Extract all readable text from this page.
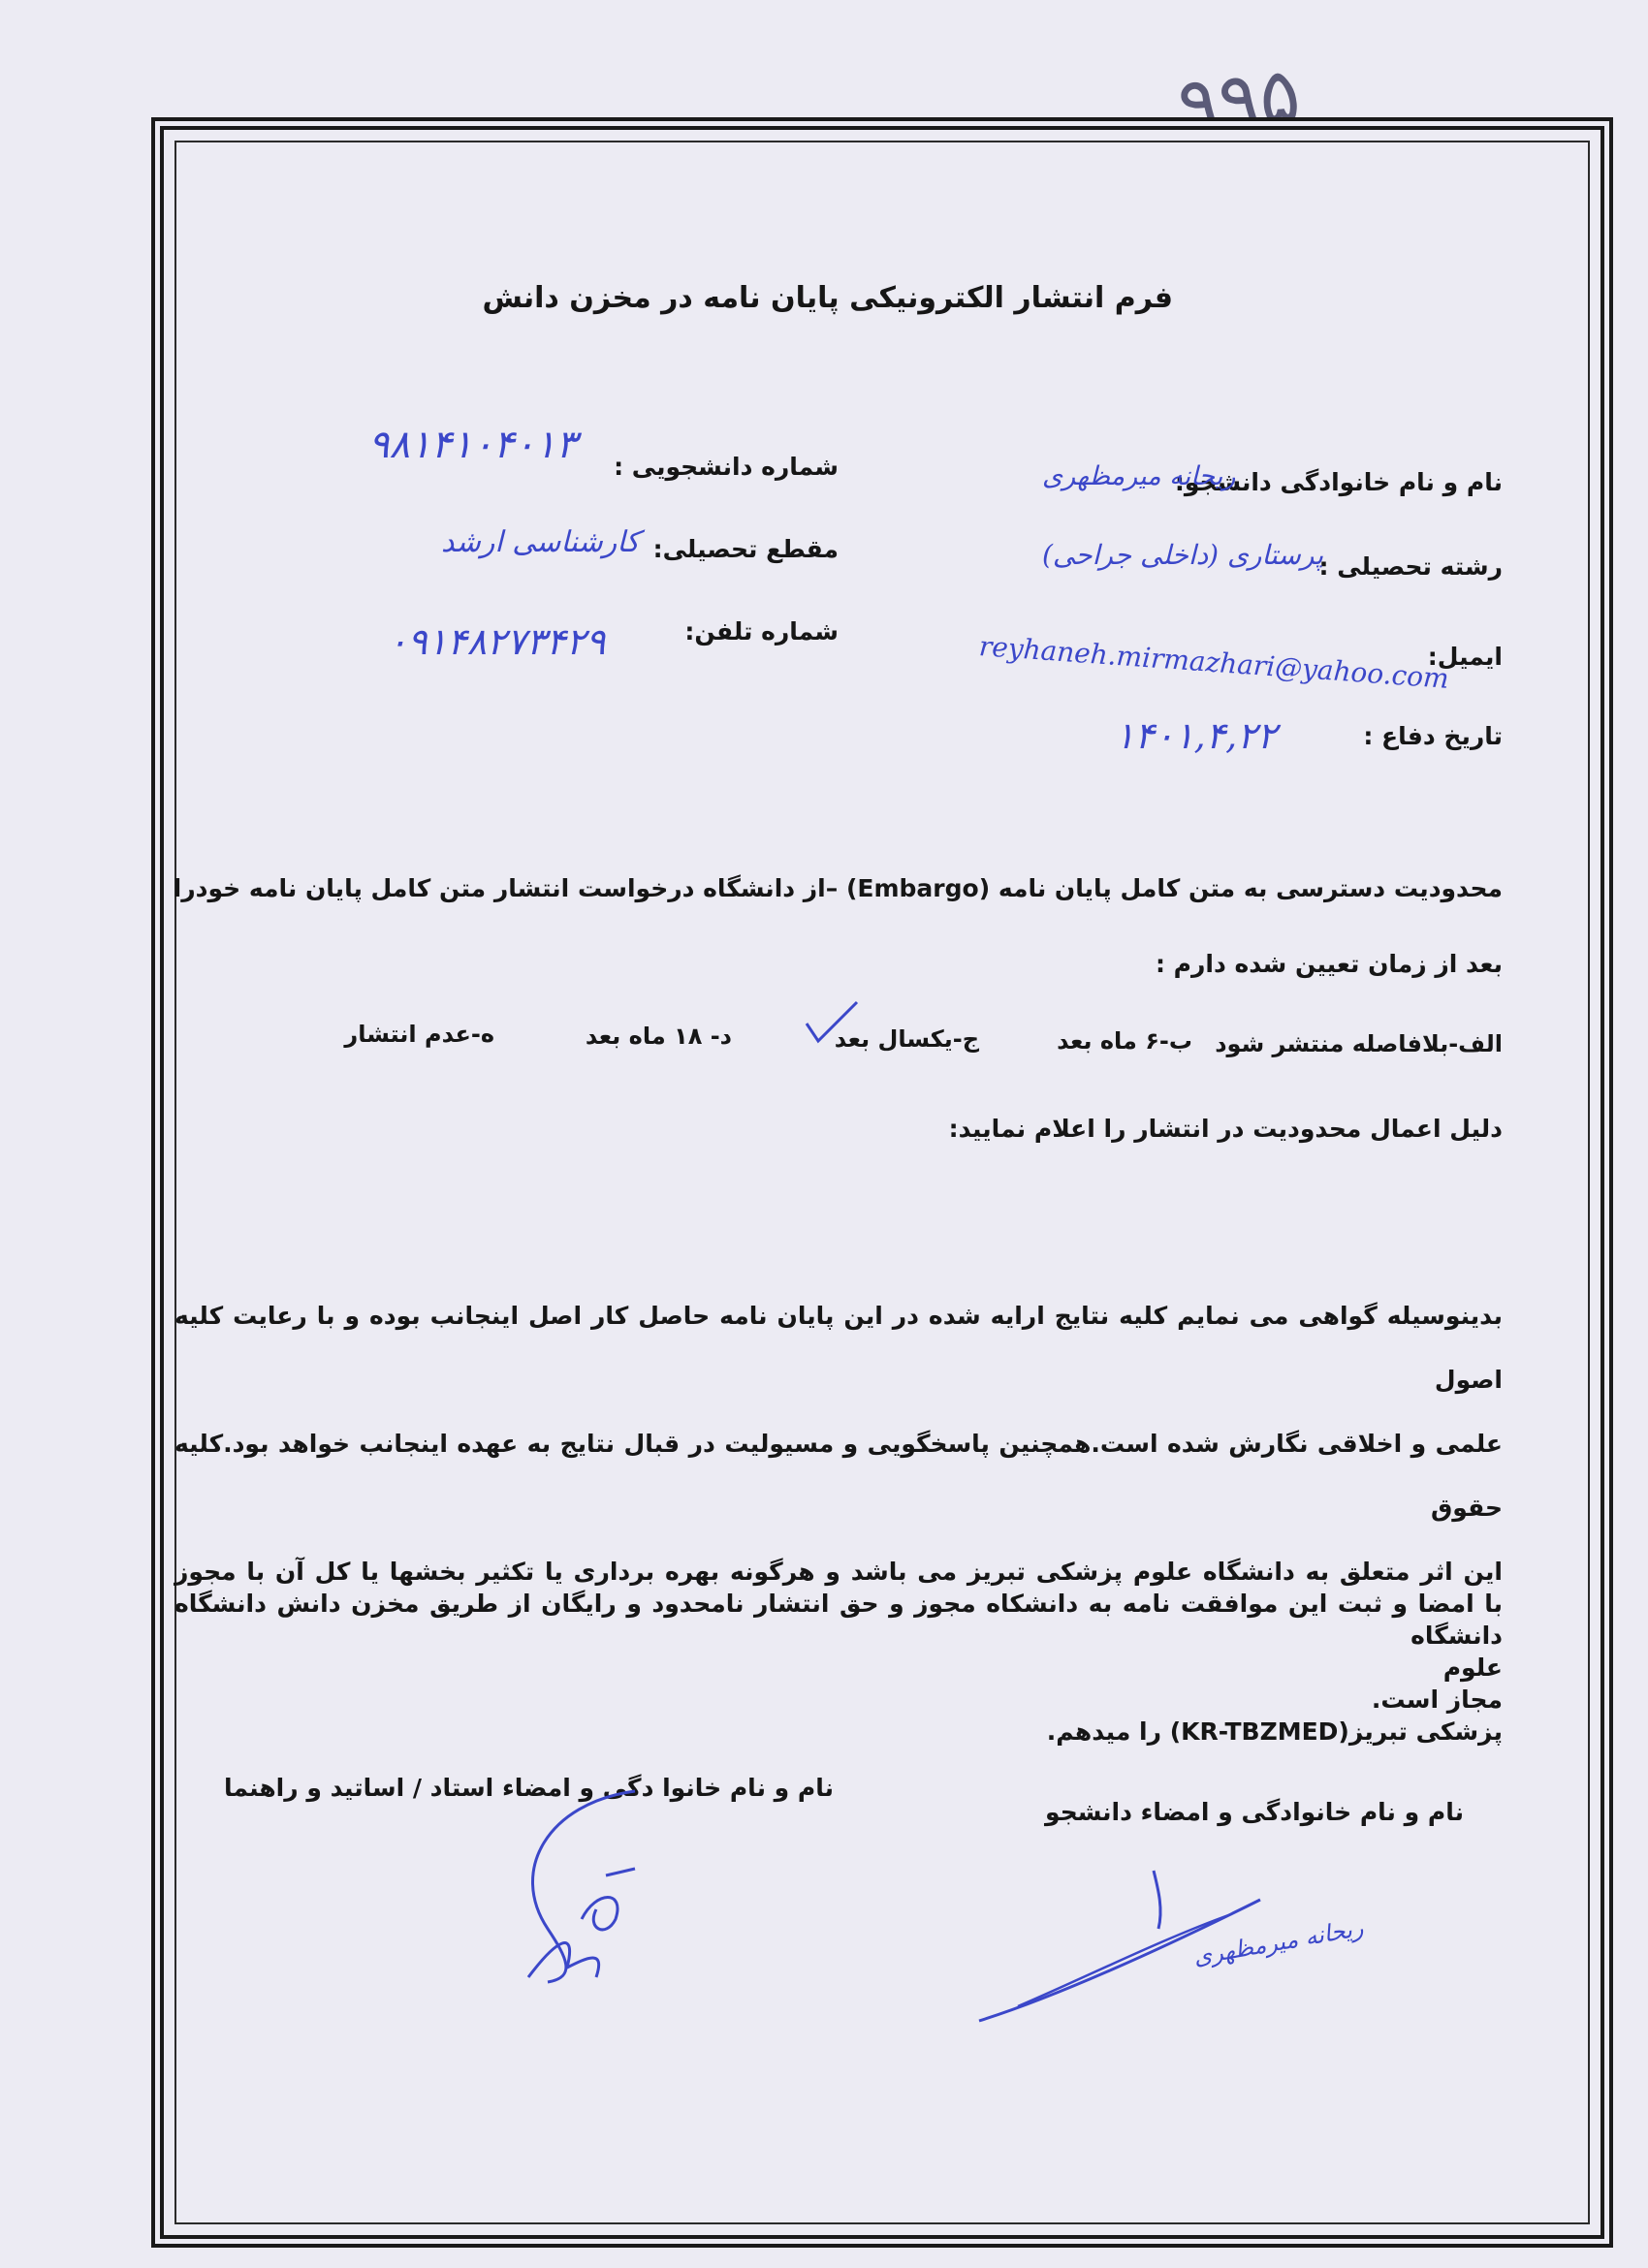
۹۹۵
فرم انتشار الکترونیکی پایان نامه در مخزن دانش
نام و نام خانوادگی دانشجو:
رشته تحصیلی :
ایمیل:
تاریخ دفاع :
شماره دانشجویی :
مقطع تحصیلی:
شماره تلفن:
ریحانه میرمظهری
۹۸۱۴۱۰۴۰۱۳
پرستاری (داخلی جراحی)
کارشناسی ارشد
reyhaneh.mirmazhari@yahoo.com
۰۹۱۴۸۲۷۳۴۲۹
۱۴۰۱,۴,۲۲
محدودیت دسترسی به متن کامل پایان نامه (Embargo) –از دانشگاه درخواست انتشار متن کامل پایان نامه خودرا
بعد از زمان تعیین شده دارم :
الف-بلافاصله منتشر شود
ب-۶ ماه بعد
ج-یکسال بعد
د- ۱۸ ماه بعد
ه-عدم انتشار
دلیل اعمال محدودیت در انتشار را اعلام نمایید:
بدینوسیله گواهی می نمایم کلیه نتایج ارایه شده در این پایان نامه حاصل کار اصل اینجانب بوده و با رعایت کلیه اصول
علمی و اخلاقی نگارش شده است.همچنین پاسخگویی و مسیولیت در قبال نتایج به عهده اینجانب خواهد بود.کلیه حقوق
این اثر متعلق به دانشگاه علوم پزشکی تبریز می باشد و هرگونه بهره برداری یا تکثیر بخشها یا کل آن با مجوز دانشگاه
مجاز است.
با امضا و ثبت این موافقت نامه به دانشکاه مجوز و حق انتشار نامحدود و رایگان از طریق مخزن دانش دانشگاه علوم
پزشکی تبریز(KR-TBZMED) را میدهم.
نام و نام خانوادگی و امضاء دانشجو
نام و نام خانوا دگی و امضاء استاد / اساتید و راهنما
ریحانه میرمظهری
